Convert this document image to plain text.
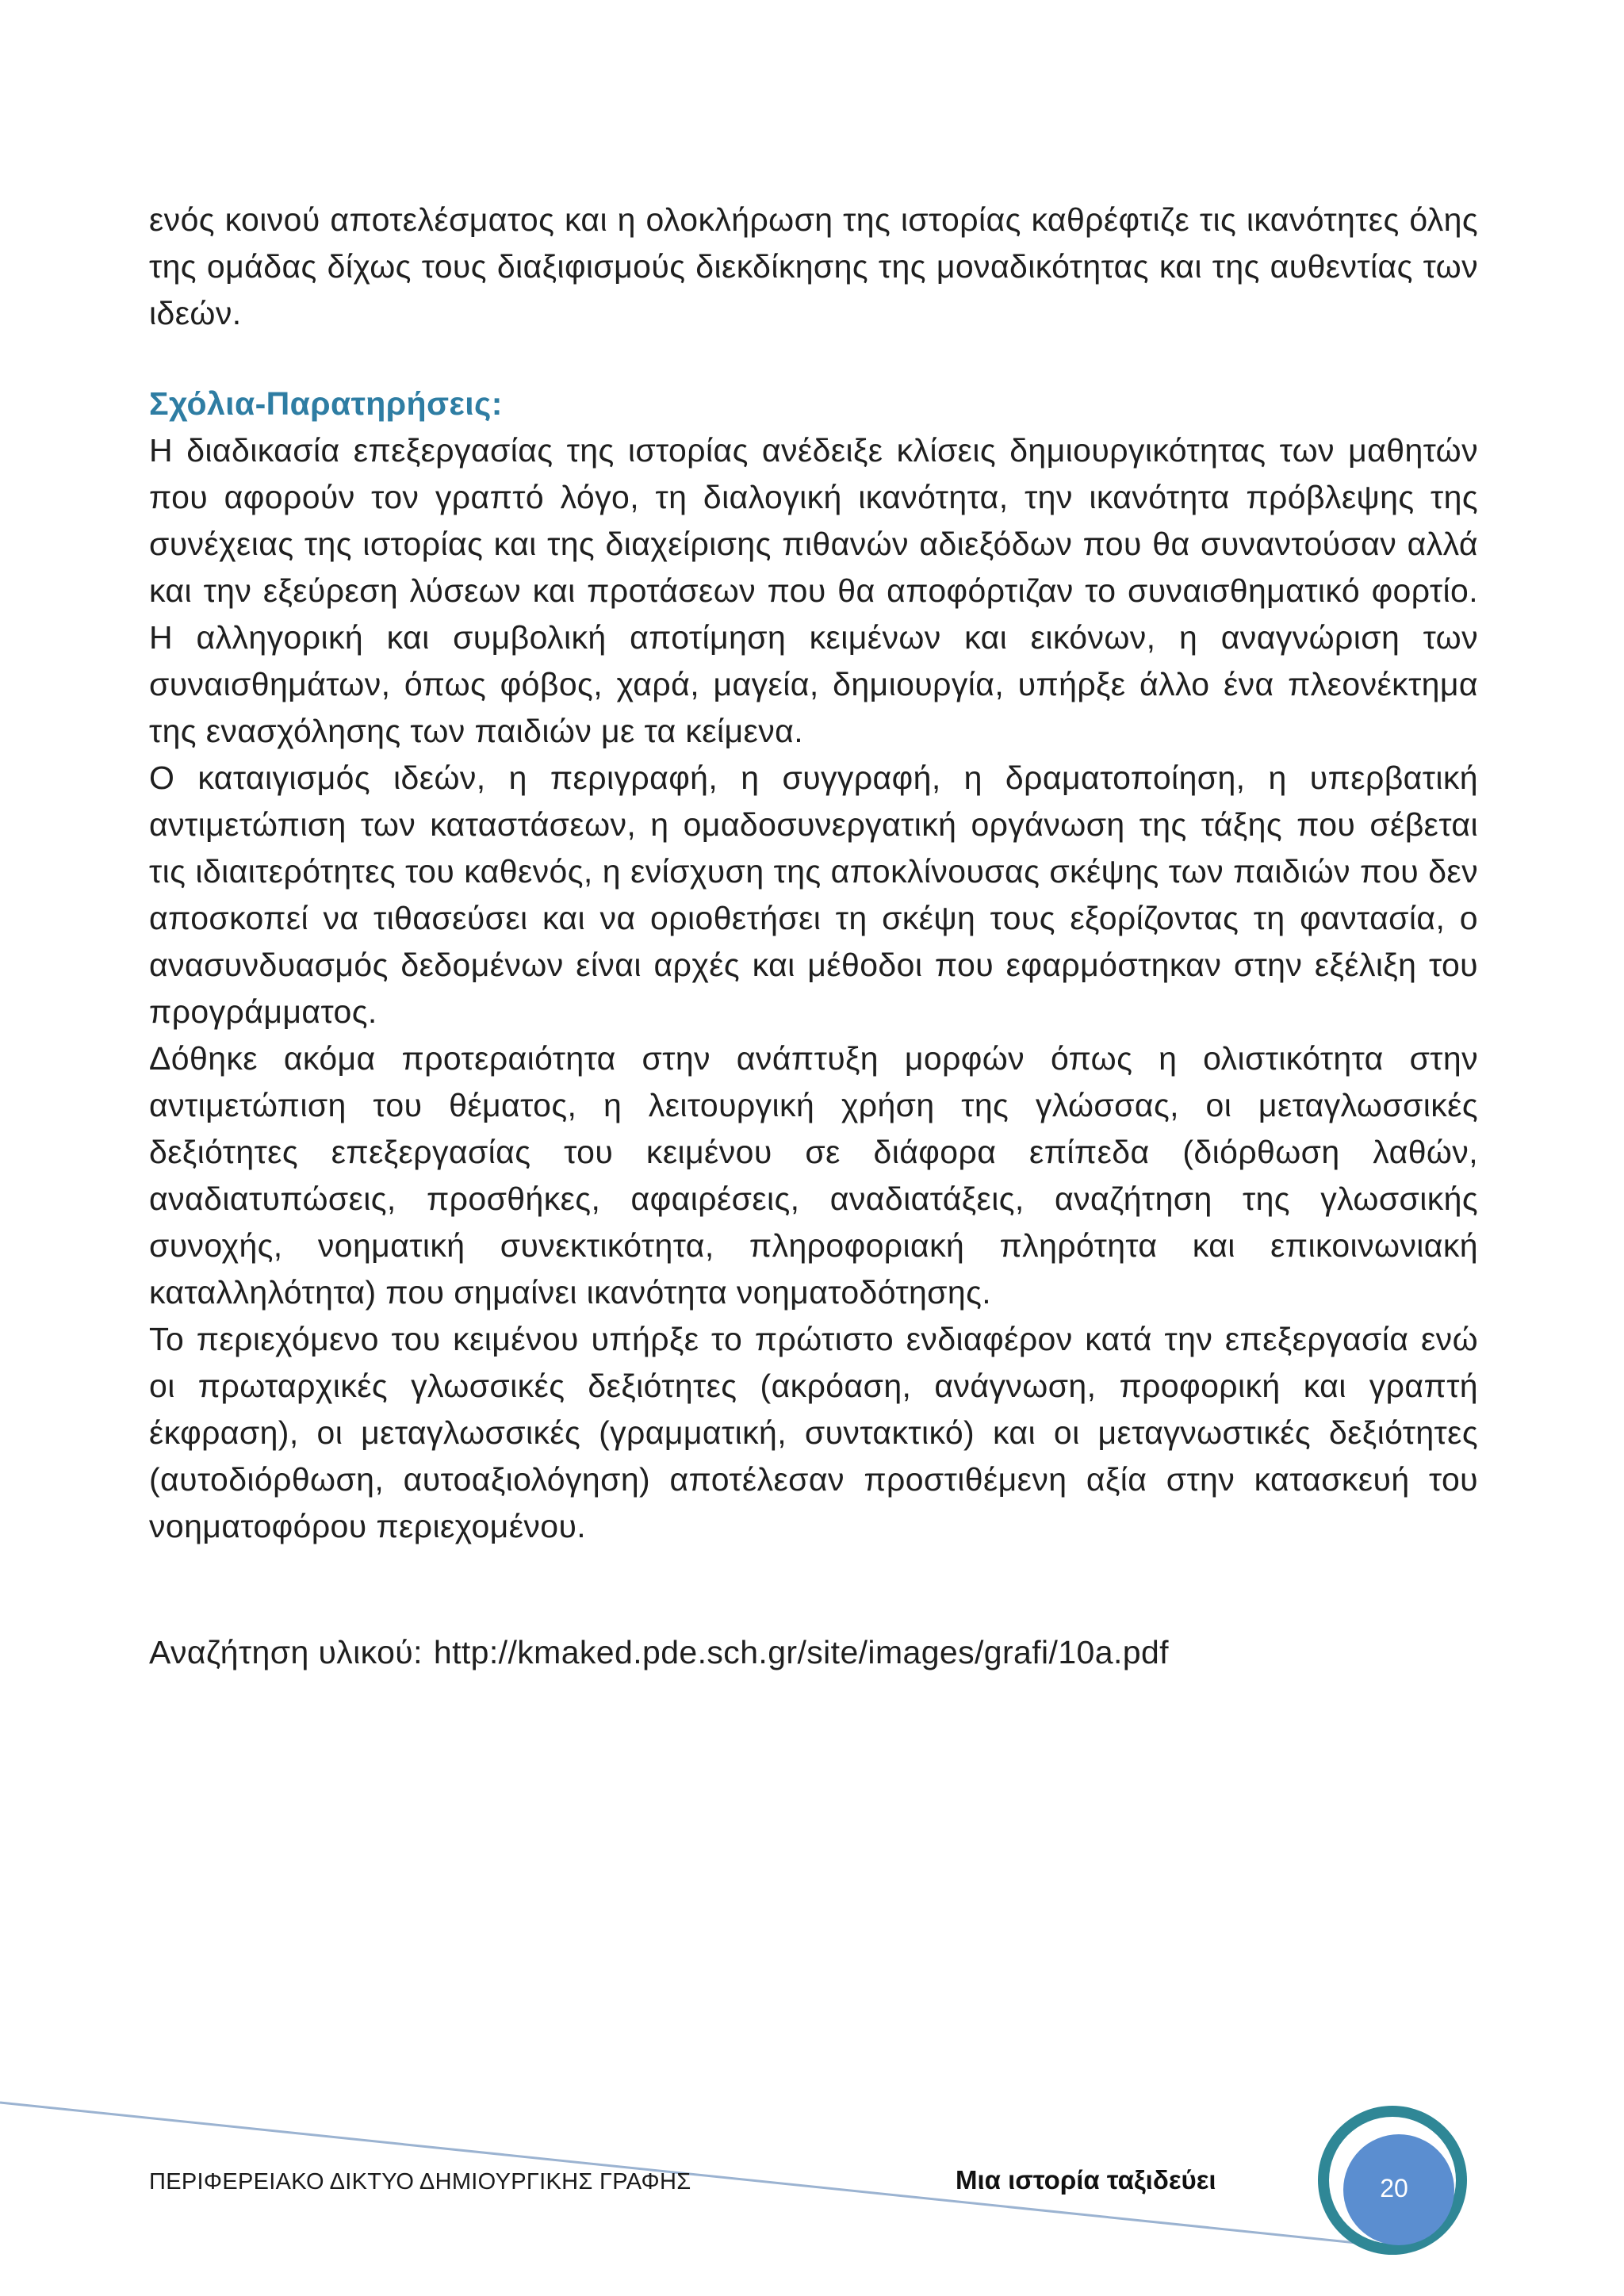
ενός κοινού αποτελέσματος και η ολοκλήρωση της ιστορίας καθρέφτιζε τις ικανότητες όλης της ομάδας δίχως τους διαξιφισμούς διεκδίκησης της μοναδικότητας και της αυθεντίας των ιδεών.

Σχόλια-Παρατηρήσεις:

Η διαδικασία επεξεργασίας της ιστορίας ανέδειξε κλίσεις δημιουργικότητας των μαθητών που αφορούν τον γραπτό λόγο, τη διαλογική ικανότητα, την ικανότητα πρόβλεψης της συνέχειας της ιστορίας και της διαχείρισης πιθανών αδιεξόδων που θα συναντούσαν αλλά και την εξεύρεση λύσεων και προτάσεων που θα αποφόρτιζαν το συναισθηματικό φορτίο. Η αλληγορική και συμβολική αποτίμηση κειμένων και εικόνων, η αναγνώριση των συναισθημάτων, όπως φόβος, χαρά, μαγεία, δημιουργία, υπήρξε άλλο ένα πλεονέκτημα της ενασχόλησης των παιδιών με τα κείμενα.

Ο καταιγισμός ιδεών, η περιγραφή, η συγγραφή, η δραματοποίηση, η υπερβατική αντιμετώπιση των καταστάσεων, η ομαδοσυνεργατική οργάνωση της τάξης που σέβεται τις ιδιαιτερότητες του καθενός, η ενίσχυση της αποκλίνουσας σκέψης των παιδιών που δεν αποσκοπεί να τιθασεύσει και να οριοθετήσει τη σκέψη τους εξορίζοντας τη φαντασία, ο ανασυνδυασμός δεδομένων είναι αρχές και μέθοδοι που εφαρμόστηκαν στην εξέλιξη του προγράμματος.

Δόθηκε ακόμα προτεραιότητα στην ανάπτυξη μορφών όπως η ολιστικότητα στην αντιμετώπιση του θέματος, η λειτουργική χρήση της γλώσσας, οι μεταγλωσσικές δεξιότητες επεξεργασίας του κειμένου σε διάφορα επίπεδα (διόρθωση λαθών, αναδιατυπώσεις, προσθήκες, αφαιρέσεις, αναδιατάξεις, αναζήτηση της γλωσσικής συνοχής, νοηματική συνεκτικότητα, πληροφοριακή πληρότητα και επικοινωνιακή καταλληλότητα) που σημαίνει ικανότητα νοηματοδότησης.

Το περιεχόμενο του κειμένου υπήρξε το πρώτιστο ενδιαφέρον κατά την επεξεργασία ενώ οι πρωταρχικές γλωσσικές δεξιότητες (ακρόαση, ανάγνωση, προφορική και γραπτή έκφραση), οι μεταγλωσσικές (γραμματική, συντακτικό) και οι μεταγνωστικές δεξιότητες (αυτοδιόρθωση, αυτοαξιολόγηση) αποτέλεσαν προστιθέμενη αξία στην κατασκευή του νοηματοφόρου περιεχομένου.

Αναζήτηση υλικού: http://kmaked.pde.sch.gr/site/images/grafi/10a.pdf

ΠΕΡΙΦΕΡΕΙΑΚΟ ΔΙΚΤΥΟ ΔΗΜΙΟΥΡΓΙΚΗΣ ΓΡΑΦΗΣ	Μια ιστορία ταξιδεύει	20
